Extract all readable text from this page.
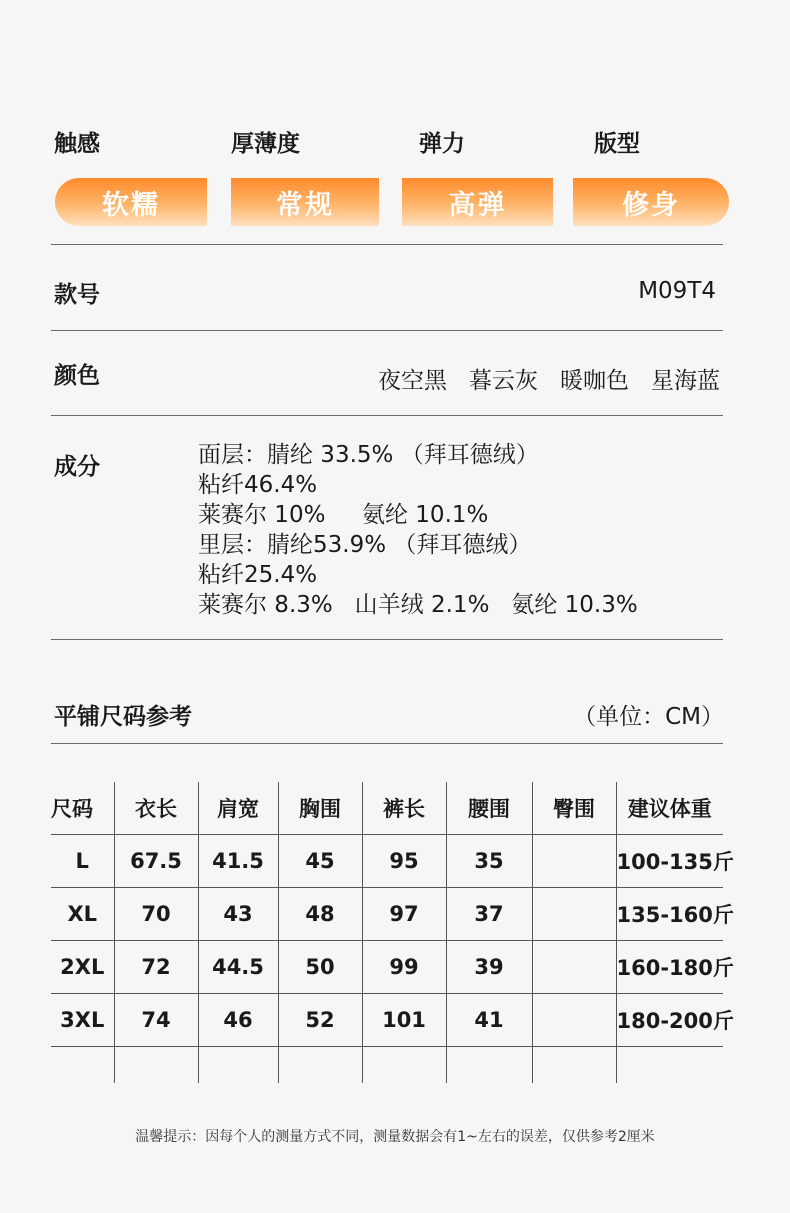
触感	厚薄度	弹力	版型
软糯	常规	高弹	修身
款号	M09T4
颜色	夜空黑 暮云灰 暖咖色 星海蓝
成分	面层：腈纶 33.5% （拜耳德绒）
粘纤46.4%
莱赛尔 10%     氨纶 10.1%
里层：腈纶53.9% （拜耳德绒）
粘纤25.4%
莱赛尔 8.3%   山羊绒 2.1%   氨纶 10.3%
平铺尺码参考	（单位：CM）
尺码	衣长	肩宽	胸围	裤长	腰围	臀围	建议体重
L	67.5	41.5	45	95	35		100-135斤
XL	70	43	48	97	37		135-160斤
2XL	72	44.5	50	99	39		160-180斤
3XL	74	46	52	101	41		180-200斤

温馨提示：因每个人的测量方式不同，测量数据会有1~左右的误差，仅供参考2厘米
